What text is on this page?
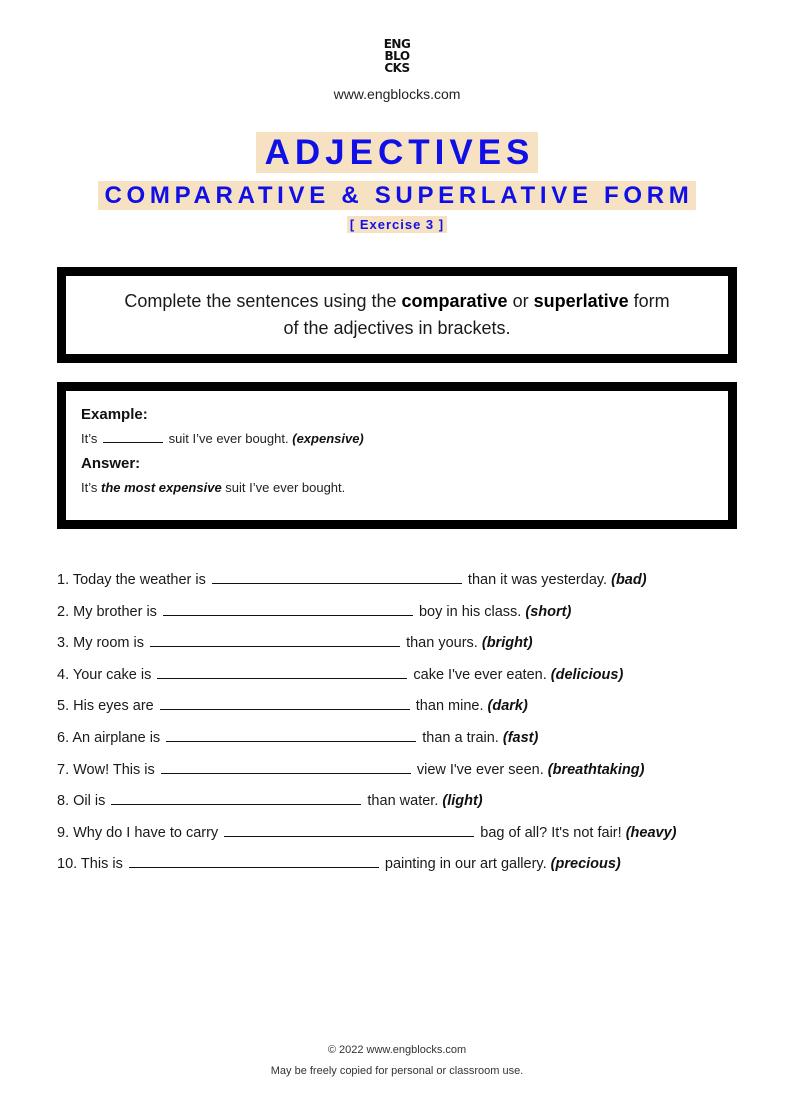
ENG
BLO
CKS
www.engblocks.com
ADJECTIVES
COMPARATIVE & SUPERLATIVE FORM
[ Exercise 3 ]
Complete the sentences using the comparative or superlative form
of the adjectives in brackets.
Example:
It’s	suit I’ve ever bought. (expensive)
Answer:
It’s the most expensive suit I’ve ever bought.
1. Today the weather is	than it was yesterday. (bad)
2. My brother is	boy in his class. (short)
3. My room is	than yours. (bright)
4. Your cake is	cake I've ever eaten. (delicious)
5. His eyes are	than mine. (dark)
6. An airplane is	than a train. (fast)
7. Wow! This is	view I've ever seen. (breathtaking)
8. Oil is	than water. (light)
9. Why do I have to carry	bag of all? It's not fair! (heavy)
10. This is	painting in our art gallery. (precious)
© 2022 www.engblocks.com
May be freely copied for personal or classroom use.
